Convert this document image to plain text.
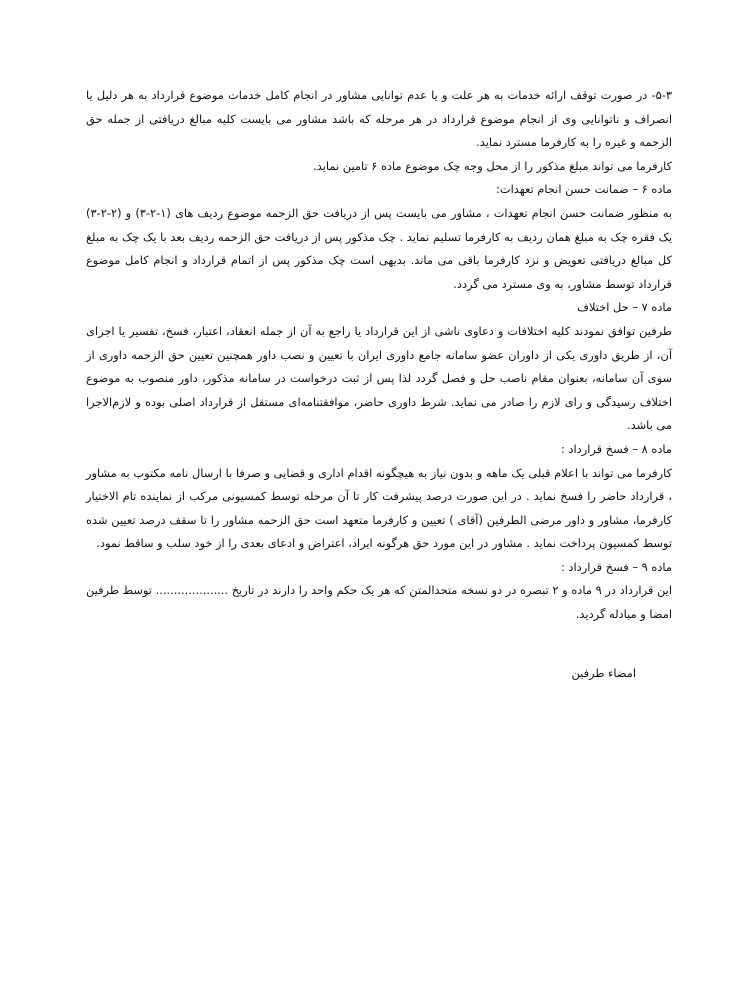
۵-۳- در صورت توقف ارائه خدمات به هر علت و یا عدم توانایی مشاور در انجام کامل خدمات موضوع قرارداد به هر دلیل یا انصراف و ناتوانایی وی از انجام موضوع قرارداد در هر مرحله که باشد مشاور می بایست کلیه مبالغ دریافتی از جمله حق الزحمه و غیره را به کارفرما مسترد نماید.

کارفرما می تواند مبلغ مذکور را از محل وجه چک موضوع ماده ۶ تامین نماید.

ماده ۶ – ضمانت حسن انجام تعهدات:

به منظور ضمانت حسن انجام تعهدات ، مشاور می بایست پس از دریافت حق الزحمه موضوع ردیف های (۱-۲-۳) و (۲-۲-۳) یک فقره چک به مبلغ همان ردیف به کارفرما تسلیم نماید . چک مذکور پس از دریافت حق الزحمه ردیف بعد با یک چک به مبلغ کل مبالغ دریافتی تعویض و نزد کارفرما باقی می ماند. بدیهی است چک مذکور پس از اتمام قرارداد و انجام کامل موضوع قرارداد توسط مشاور، به وی مسترد می گردد.

ماده ۷ – حل اختلاف

طرفین توافق نمودند کلیه اختلافات و دعاوی ناشی از این قرارداد یا راجع به آن از جمله انعقاد، اعتبار، فسخ، تفسیر یا اجرای آن، از طریق داوری یکی از داوران عضو سامانه جامع داوری ایران با تعیین و نصب داور همچنین تعیین حق الزحمه داوری از سوی آن سامانه، بعنوان مقام ناصب حل و فصل گردد لذا پس از ثبت درخواست در سامانه مذکور، داور منصوب به موضوع اختلاف رسیدگی و رای لازم را صادر می نماید. شرط داوری حاضر، موافقتنامه‌ای مستقل از قرارداد اصلی بوده و لازم‌الاجرا می باشد.

ماده ۸ – فسخ قرارداد :

کارفرما می تواند با اعلام قبلی یک ماهه و بدون نیاز به هیچگونه اقدام اداری و قضایی و صرفا با ارسال نامه مکتوب به مشاور ، قرارداد حاضر را فسخ نماید . در این صورت درصد پیشرفت کار تا آن مرحله توسط کمسیونی مرکب از نماینده تام الاختیار کارفرما، مشاور و داور مرضی الطرفین (آقای ) تعیین و کارفرما متعهد است حق الزحمه مشاور را تا سقف درصد تعیین شده توسط کمسیون پرداخت نماید . مشاور در این مورد حق هرگونه ایراد، اعتراض و ادعای بعدی را از خود سلب و ساقط نمود.

ماده ۹ – فسخ قرارداد :

این قرارداد در ۹ ماده و ۲ تبصره در دو نسخه متحدالمتن که هر یک حکم واحد را دارند در تاریخ .................... توسط طرفین امضا و مبادله گردید.

امضاء طرفین
